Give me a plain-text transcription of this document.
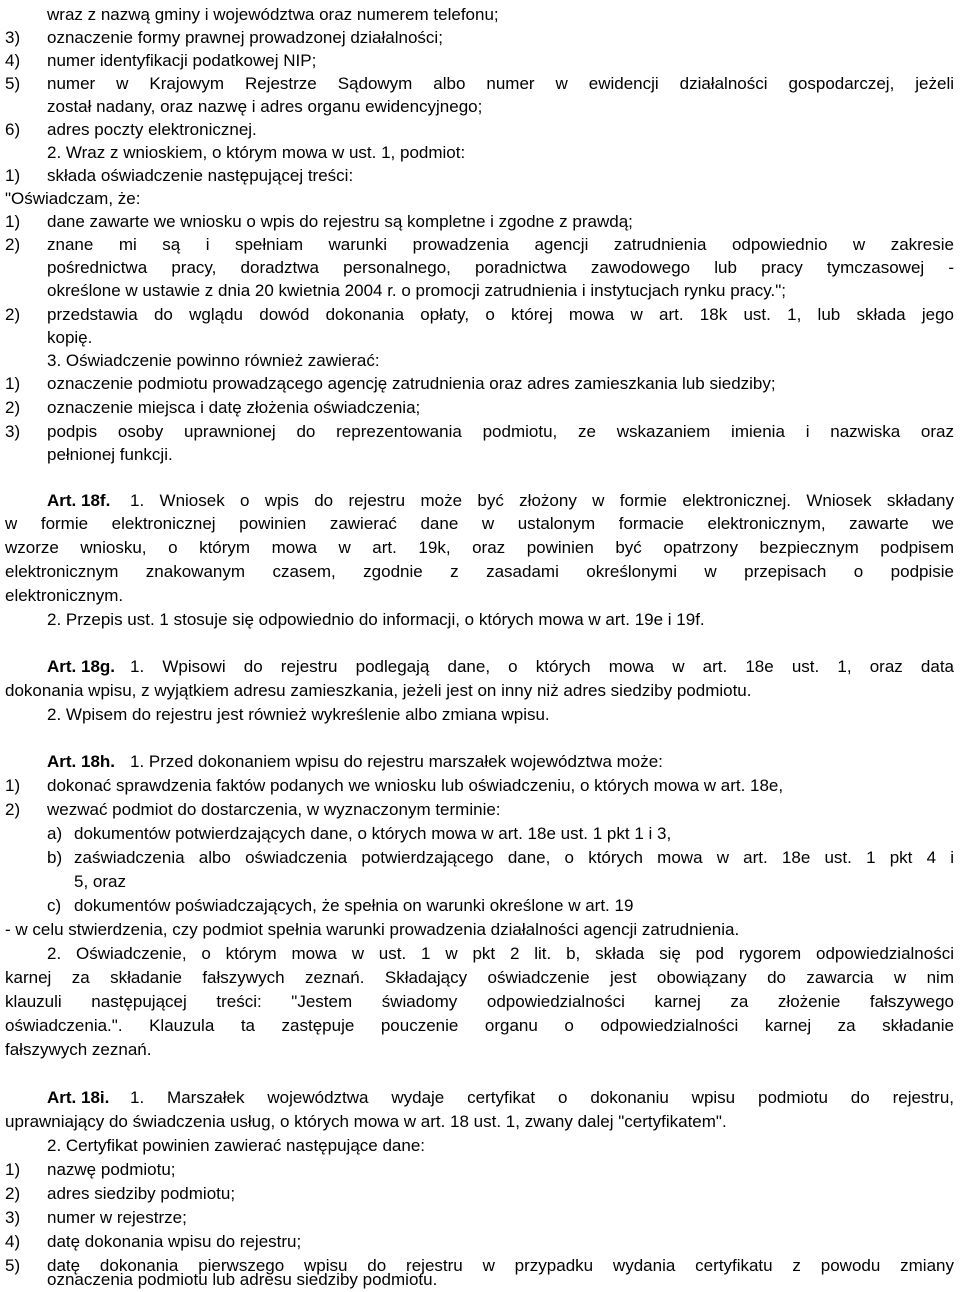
wraz z nazwą gminy i województwa oraz numerem telefonu;
3) oznaczenie formy prawnej prowadzonej działalności;
4) numer identyfikacji podatkowej NIP;
5) numer w Krajowym Rejestrze Sądowym albo numer w ewidencji działalności gospodarczej, jeżeli
został nadany, oraz nazwę i adres organu ewidencyjnego;
6) adres poczty elektronicznej.
2. Wraz z wnioskiem, o którym mowa w ust. 1, podmiot:
1) składa oświadczenie następującej treści:
"Oświadczam, że:
1) dane zawarte we wniosku o wpis do rejestru są kompletne i zgodne z prawdą;
2) znane mi są i spełniam warunki prowadzenia agencji zatrudnienia odpowiednio w zakresie
pośrednictwa pracy, doradztwa personalnego, poradnictwa zawodowego lub pracy tymczasowej -
określone w ustawie z dnia 20 kwietnia 2004 r. o promocji zatrudnienia i instytucjach rynku pracy.";
2) przedstawia do wglądu dowód dokonania opłaty, o której mowa w art. 18k ust. 1, lub składa jego
kopię.
3. Oświadczenie powinno również zawierać:
1) oznaczenie podmiotu prowadzącego agencję zatrudnienia oraz adres zamieszkania lub siedziby;
2) oznaczenie miejsca i datę złożenia oświadczenia;
3) podpis osoby uprawnionej do reprezentowania podmiotu, ze wskazaniem imienia i nazwiska oraz
pełnionej funkcji.
Art. 18f. 1. Wniosek o wpis do rejestru może być złożony w formie elektronicznej. Wniosek składany
w formie elektronicznej powinien zawierać dane w ustalonym formacie elektronicznym, zawarte we
wzorze wniosku, o którym mowa w art. 19k, oraz powinien być opatrzony bezpiecznym podpisem
elektronicznym znakowanym czasem, zgodnie z zasadami określonymi w przepisach o podpisie
elektronicznym.
2. Przepis ust. 1 stosuje się odpowiednio do informacji, o których mowa w art. 19e i 19f.
Art. 18g. 1. Wpisowi do rejestru podlegają dane, o których mowa w art. 18e ust. 1, oraz data
dokonania wpisu, z wyjątkiem adresu zamieszkania, jeżeli jest on inny niż adres siedziby podmiotu.
2. Wpisem do rejestru jest również wykreślenie albo zmiana wpisu.
Art. 18h. 1. Przed dokonaniem wpisu do rejestru marszałek województwa może:
1) dokonać sprawdzenia faktów podanych we wniosku lub oświadczeniu, o których mowa w art. 18e,
2) wezwać podmiot do dostarczenia, w wyznaczonym terminie:
a) dokumentów potwierdzających dane, o których mowa w art. 18e ust. 1 pkt 1 i 3,
b) zaświadczenia albo oświadczenia potwierdzającego dane, o których mowa w art. 18e ust. 1 pkt 4 i
5, oraz
c) dokumentów poświadczających, że spełnia on warunki określone w art. 19
- w celu stwierdzenia, czy podmiot spełnia warunki prowadzenia działalności agencji zatrudnienia.
2. Oświadczenie, o którym mowa w ust. 1 w pkt 2 lit. b, składa się pod rygorem odpowiedzialności
karnej za składanie fałszywych zeznań. Składający oświadczenie jest obowiązany do zawarcia w nim
klauzuli następującej treści: "Jestem świadomy odpowiedzialności karnej za złożenie fałszywego
oświadczenia.". Klauzula ta zastępuje pouczenie organu o odpowiedzialności karnej za składanie
fałszywych zeznań.
Art. 18i. 1. Marszałek województwa wydaje certyfikat o dokonaniu wpisu podmiotu do rejestru,
uprawniający do świadczenia usług, o których mowa w art. 18 ust. 1, zwany dalej "certyfikatem".
2. Certyfikat powinien zawierać następujące dane:
1) nazwę podmiotu;
2) adres siedziby podmiotu;
3) numer w rejestrze;
4) datę dokonania wpisu do rejestru;
5) datę dokonania pierwszego wpisu do rejestru w przypadku wydania certyfikatu z powodu zmiany
oznaczenia podmiotu lub adresu siedziby podmiotu.
